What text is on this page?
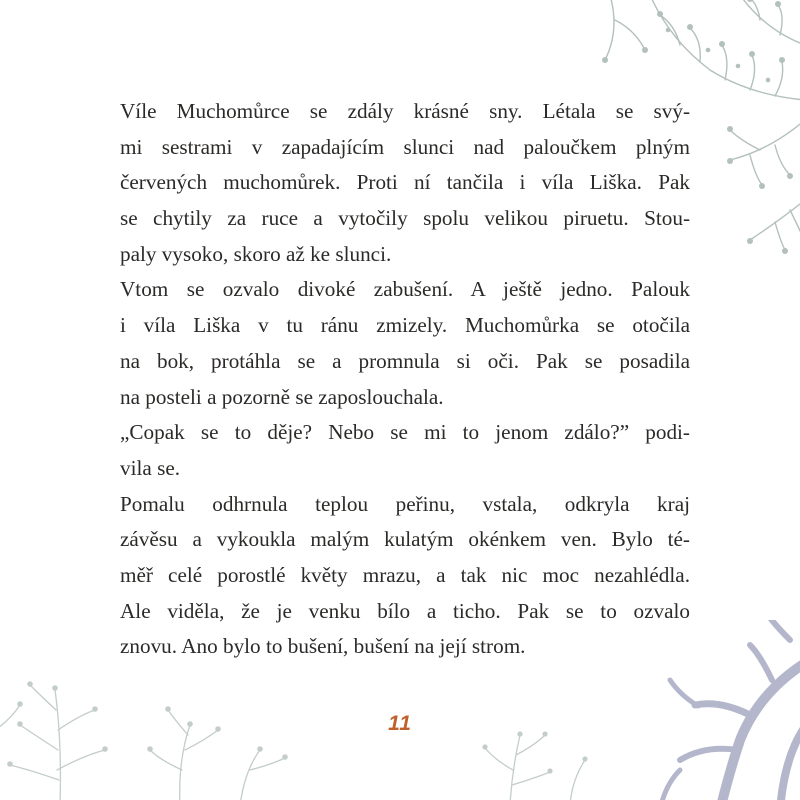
Víle Muchomůrce se zdály krásné sny. Létala se svý-
mi sestrami v zapadajícím slunci nad paloučkem plným
červených muchomůrek. Proti ní tančila i víla Liška. Pak
se chytily za ruce a vytočily spolu velikou piruetu. Stou-
paly vysoko, skoro až ke slunci.

Vtom se ozvalo divoké zabušení. A ještě jedno. Palouk
i víla Liška v tu ránu zmizely. Muchomůrka se otočila
na bok, protáhla se a promnula si oči. Pak se posadila
na posteli a pozorně se zaposlouchala.

„Copak se to děje? Nebo se mi to jenom zdálo?” podi-
vila se.

Pomalu odhrnula teplou peřinu, vstala, odkryla kraj
závěsu a vykoukla malým kulatým okénkem ven. Bylo té-
měř celé porostlé květy mrazu, a tak nic moc nezahlédla.
Ale viděla, že je venku bílo a ticho. Pak se to ozvalo
znovu. Ano bylo to bušení, bušení na její strom.

11
